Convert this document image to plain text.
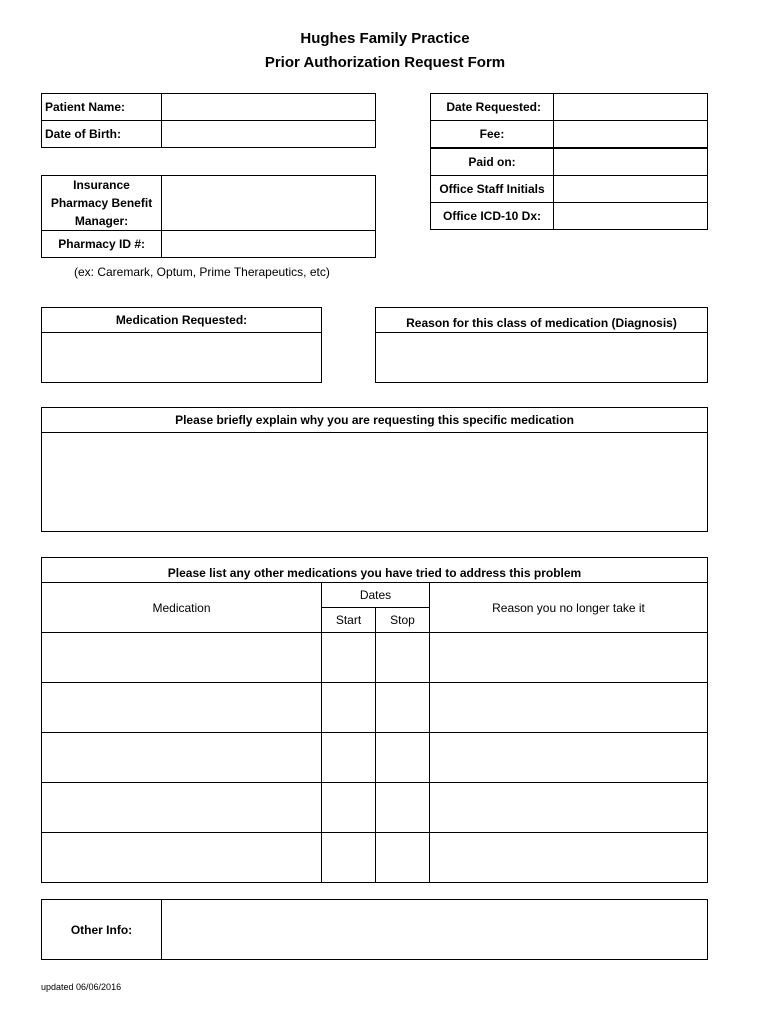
Hughes Family Practice
Prior Authorization Request Form
Patient Name:
Date of Birth:
Insurance
Pharmacy Benefit
Manager:
Pharmacy ID #:
(ex: Caremark, Optum, Prime Therapeutics, etc)
Date Requested:
Fee:
Paid on:
Office Staff Initials
Office ICD-10 Dx:
Medication Requested:	Reason for this class of medication (Diagnosis)
Please briefly explain why you are requesting this specific medication
Please list any other medications you have tried to address this problem
Medication
Dates
Start	Stop
Reason you no longer take it
Other Info:
updated 06/06/2016
